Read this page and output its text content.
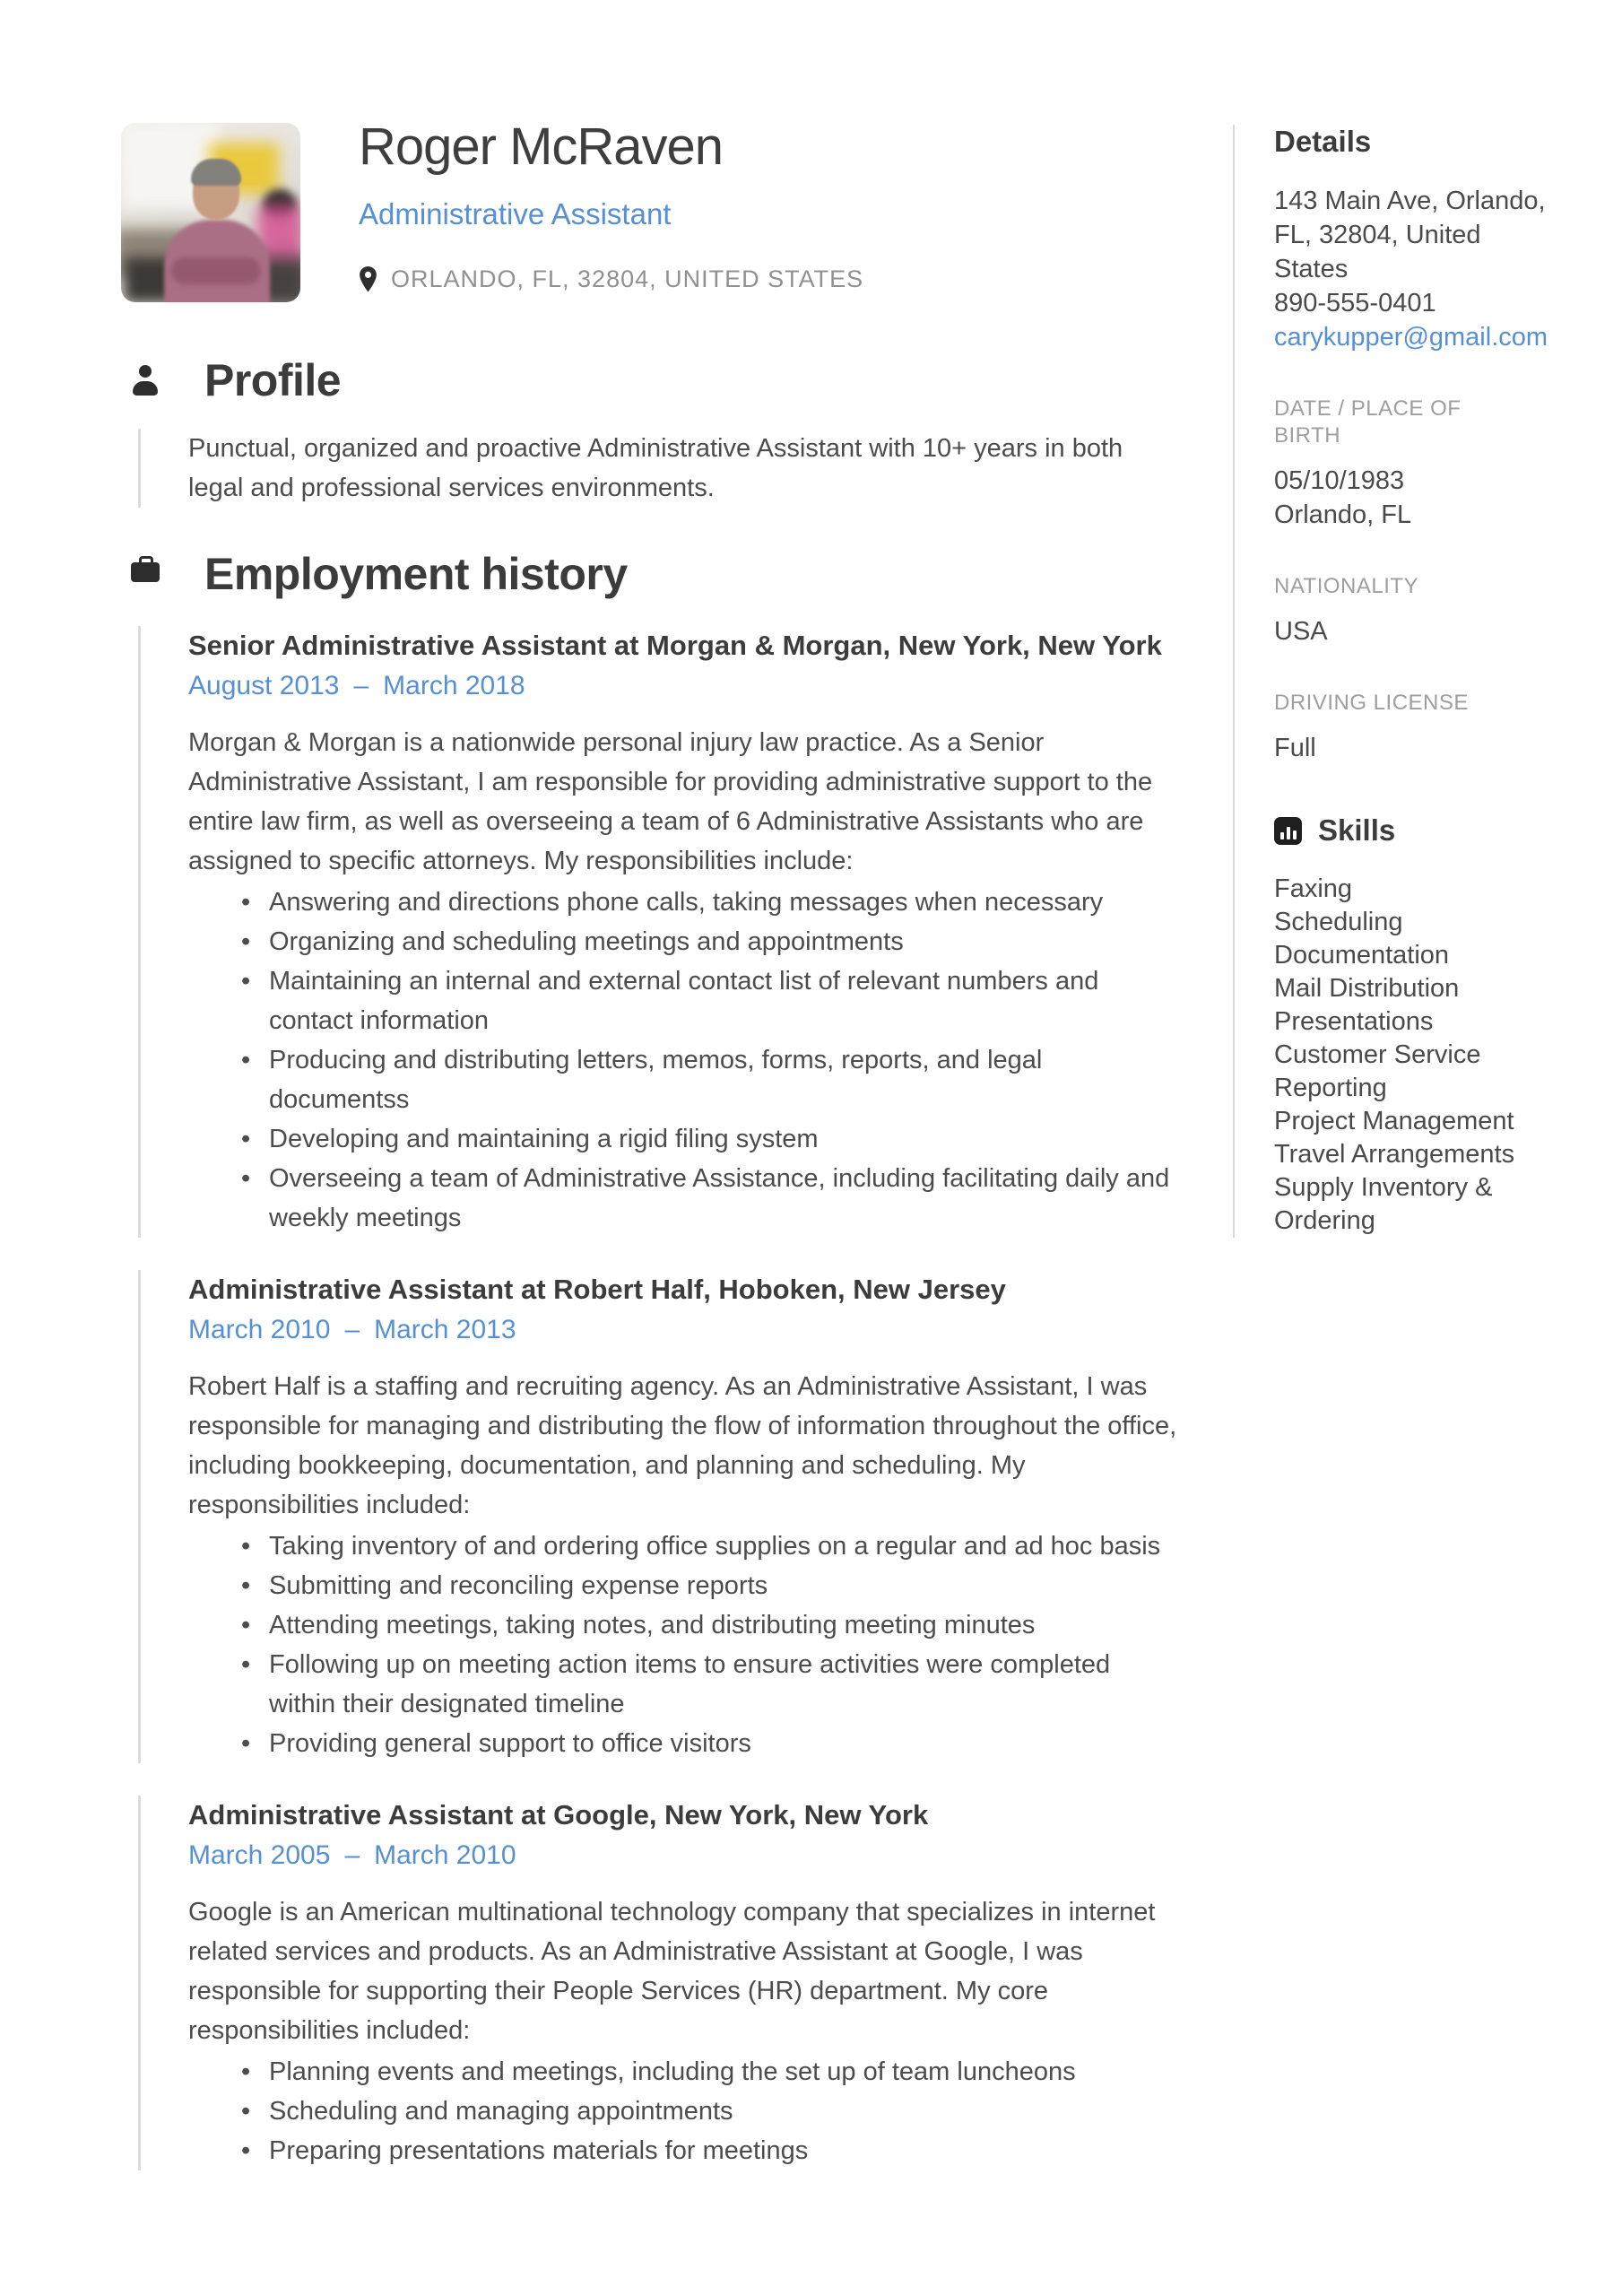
Roger McRaven
Administrative Assistant
ORLANDO, FL, 32804, UNITED STATES
Profile
Punctual, organized and proactive Administrative Assistant with 10+ years in both legal and professional services environments.
Employment history
Senior Administrative Assistant at Morgan & Morgan, New York, New York
August 2013 – March 2018
Morgan & Morgan is a nationwide personal injury law practice. As a Senior Administrative Assistant, I am responsible for providing administrative support to the entire law firm, as well as overseeing a team of 6 Administrative Assistants who are assigned to specific attorneys. My responsibilities include:
• Answering and directions phone calls, taking messages when necessary
• Organizing and scheduling meetings and appointments
• Maintaining an internal and external contact list of relevant numbers and contact information
• Producing and distributing letters, memos, forms, reports, and legal documentss
• Developing and maintaining a rigid filing system
• Overseeing a team of Administrative Assistance, including facilitating daily and weekly meetings
Administrative Assistant at Robert Half, Hoboken, New Jersey
March 2010 – March 2013
Robert Half is a staffing and recruiting agency. As an Administrative Assistant, I was responsible for managing and distributing the flow of information throughout the office, including bookkeeping, documentation, and planning and scheduling. My responsibilities included:
• Taking inventory of and ordering office supplies on a regular and ad hoc basis
• Submitting and reconciling expense reports
• Attending meetings, taking notes, and distributing meeting minutes
• Following up on meeting action items to ensure activities were completed within their designated timeline
• Providing general support to office visitors
Administrative Assistant at Google, New York, New York
March 2005 – March 2010
Google is an American multinational technology company that specializes in internet related services and products. As an Administrative Assistant at Google, I was responsible for supporting their People Services (HR) department. My core responsibilities included:
• Planning events and meetings, including the set up of team luncheons
• Scheduling and managing appointments
• Preparing presentations materials for meetings
Details
143 Main Ave, Orlando,
FL, 32804, United
States
890-555-0401
carykupper@gmail.com
DATE / PLACE OF BIRTH
05/10/1983
Orlando, FL
NATIONALITY
USA
DRIVING LICENSE
Full
Skills
Faxing
Scheduling
Documentation
Mail Distribution
Presentations
Customer Service
Reporting
Project Management
Travel Arrangements
Supply Inventory & Ordering
